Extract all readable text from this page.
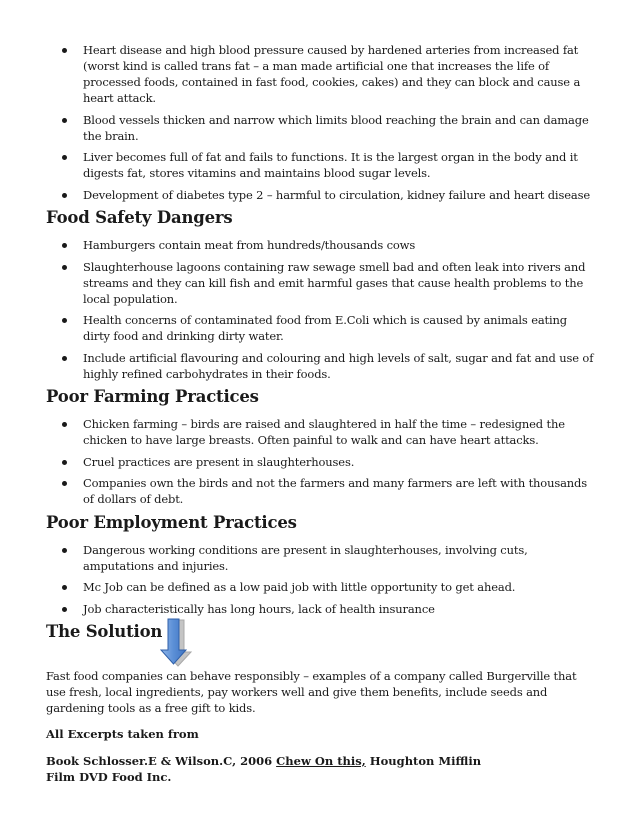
Heart disease and high blood pressure caused by hardened arteries from increased fat (worst kind is called trans fat – a man made artificial one that increases the life of processed foods, contained in fast food, cookies, cakes) and they can block and cause a heart attack.
Blood vessels thicken and narrow which limits blood reaching the brain and can damage the brain.
Liver becomes full of fat and fails to functions. It is the largest organ in the body and it digests fat, stores vitamins and maintains blood sugar levels.
Development of diabetes type 2 – harmful to circulation, kidney failure and heart disease
Food Safety Dangers
Hamburgers contain meat from hundreds/thousands cows
Slaughterhouse lagoons containing raw sewage smell bad and often leak into rivers and streams and they can kill fish and emit harmful gases that cause health problems to the local population.
Health concerns of contaminated food from E.Coli which is caused by animals eating dirty food and drinking dirty water.
Include artificial flavouring and colouring and high levels of salt, sugar and fat and use of highly refined carbohydrates in their foods.
Poor Farming Practices
Chicken farming – birds are raised and slaughtered in half the time – redesigned the chicken to have large breasts. Often painful to walk and can have heart attacks.
Cruel practices are present in slaughterhouses.
Companies own the birds and not the farmers and many farmers are left with thousands of dollars of debt.
Poor Employment Practices
Dangerous working conditions are present in slaughterhouses, involving cuts, amputations and injuries.
Mc Job can be defined as a low paid job with little opportunity to get ahead.
Job characteristically has long hours, lack of health insurance
The Solution

Fast food companies can behave responsibly – examples of a company called Burgerville that use fresh, local ingredients, pay workers well and give them benefits, include seeds and gardening tools as a free gift to kids.

All Excerpts taken from

Book Schlosser.E & Wilson.C, 2006 Chew On this, Houghton Mifflin
Film DVD Food Inc.
